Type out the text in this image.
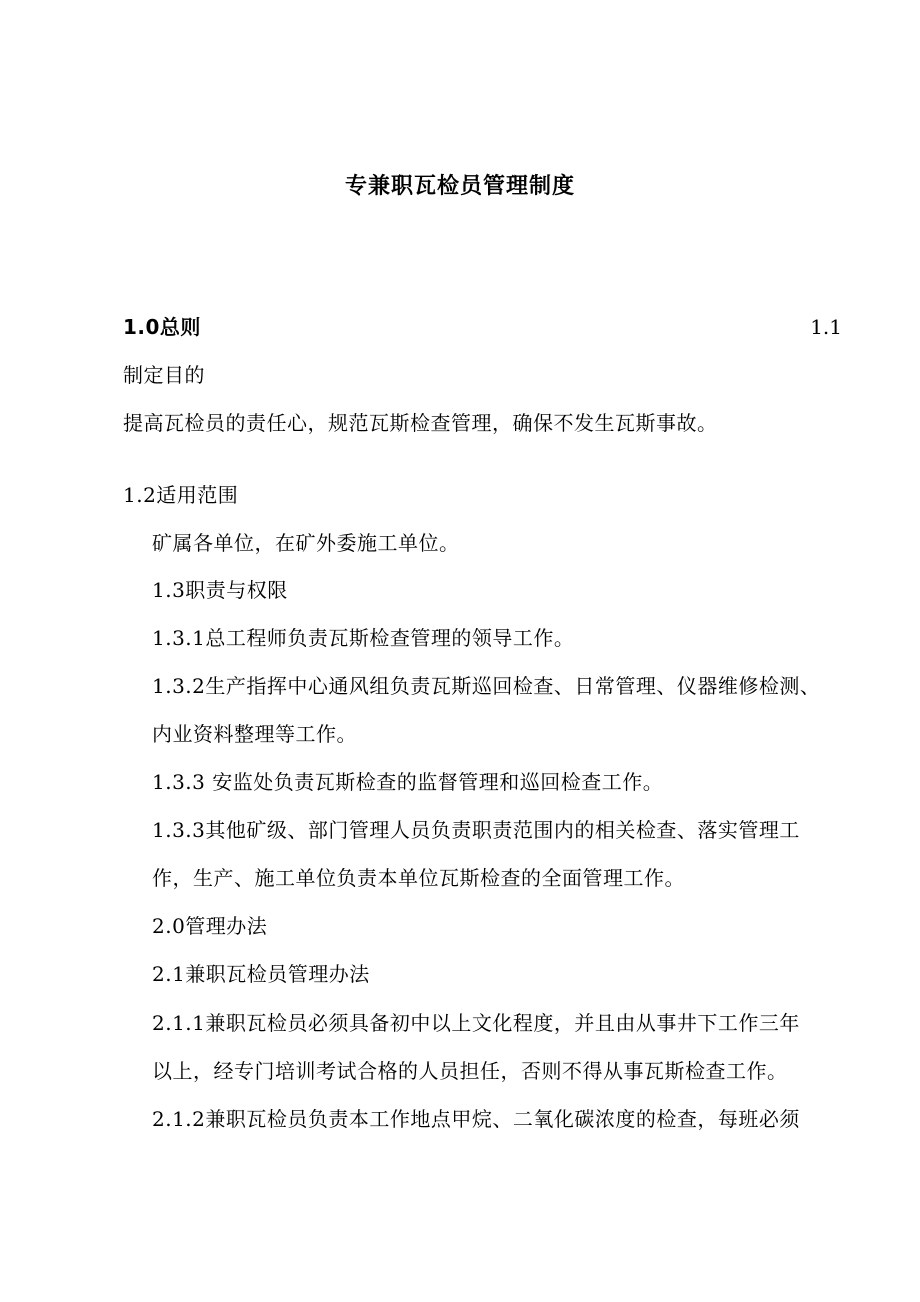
专兼职瓦检员管理制度
1.0总则	1.1
制定目的
提高瓦检员的责任心，规范瓦斯检查管理，确保不发生瓦斯事故。
1.2适用范围
矿属各单位，在矿外委施工单位。
1.3职责与权限
1.3.1总工程师负责瓦斯检查管理的领导工作。
1.3.2生产指挥中心通风组负责瓦斯巡回检查、日常管理、仪器维修检测、
内业资料整理等工作。
1.3.3 安监处负责瓦斯检查的监督管理和巡回检查工作。
1.3.3其他矿级、部门管理人员负责职责范围内的相关检查、落实管理工
作，生产、施工单位负责本单位瓦斯检查的全面管理工作。
2.0管理办法
2.1兼职瓦检员管理办法
2.1.1兼职瓦检员必须具备初中以上文化程度，并且由从事井下工作三年
以上，经专门培训考试合格的人员担任，否则不得从事瓦斯检查工作。
2.1.2兼职瓦检员负责本工作地点甲烷、二氧化碳浓度的检查，每班必须
